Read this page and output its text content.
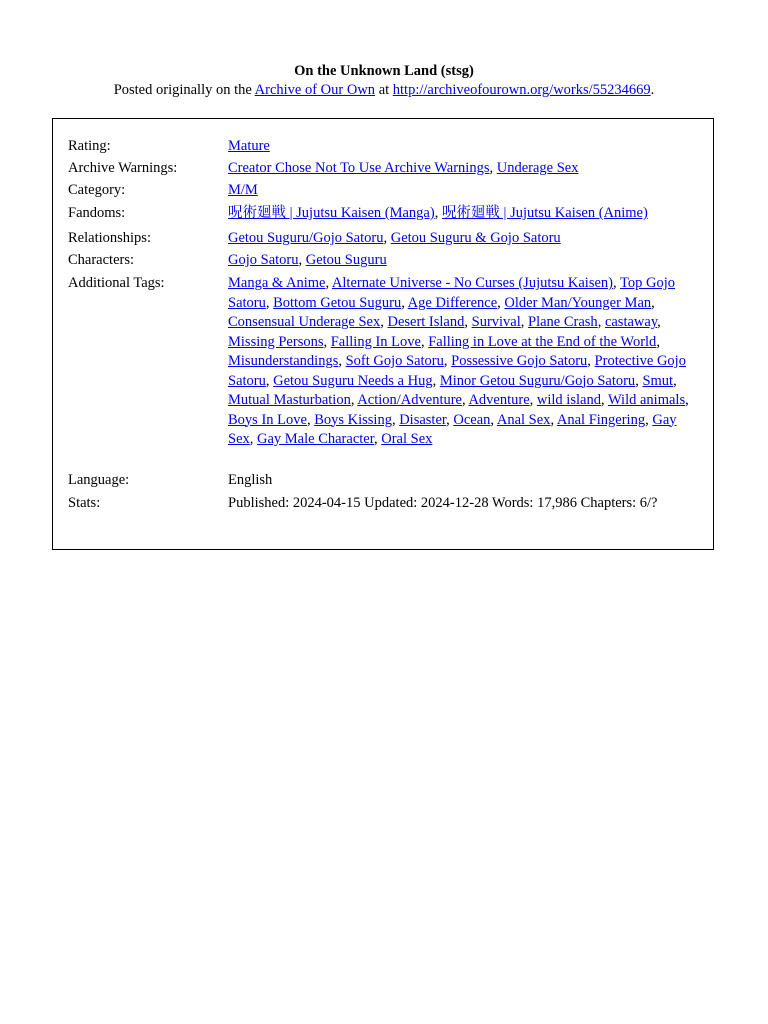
On the Unknown Land (stsg)
Posted originally on the Archive of Our Own at http://archiveofourown.org/works/55234669.
Rating:	Mature
Archive Warnings:	Creator Chose Not To Use Archive Warnings, Underage Sex
Category:	M/M
Fandoms:	呪術廻戦 | Jujutsu Kaisen (Manga), 呪術廻戦 | Jujutsu Kaisen (Anime)
Relationships:	Getou Suguru/Gojo Satoru, Getou Suguru & Gojo Satoru
Characters:	Gojo Satoru, Getou Suguru
Additional Tags:	Manga & Anime, Alternate Universe - No Curses (Jujutsu Kaisen), Top Gojo Satoru, Bottom Getou Suguru, Age Difference, Older Man/Younger Man, Consensual Underage Sex, Desert Island, Survival, Plane Crash, castaway, Missing Persons, Falling In Love, Falling in Love at the End of the World, Misunderstandings, Soft Gojo Satoru, Possessive Gojo Satoru, Protective Gojo Satoru, Getou Suguru Needs a Hug, Minor Getou Suguru/Gojo Satoru, Smut, Mutual Masturbation, Action/Adventure, Adventure, wild island, Wild animals, Boys In Love, Boys Kissing, Disaster, Ocean, Anal Sex, Anal Fingering, Gay Sex, Gay Male Character, Oral Sex
Language:	English
Stats:	Published: 2024-04-15 Updated: 2024-12-28 Words: 17,986 Chapters: 6/?
